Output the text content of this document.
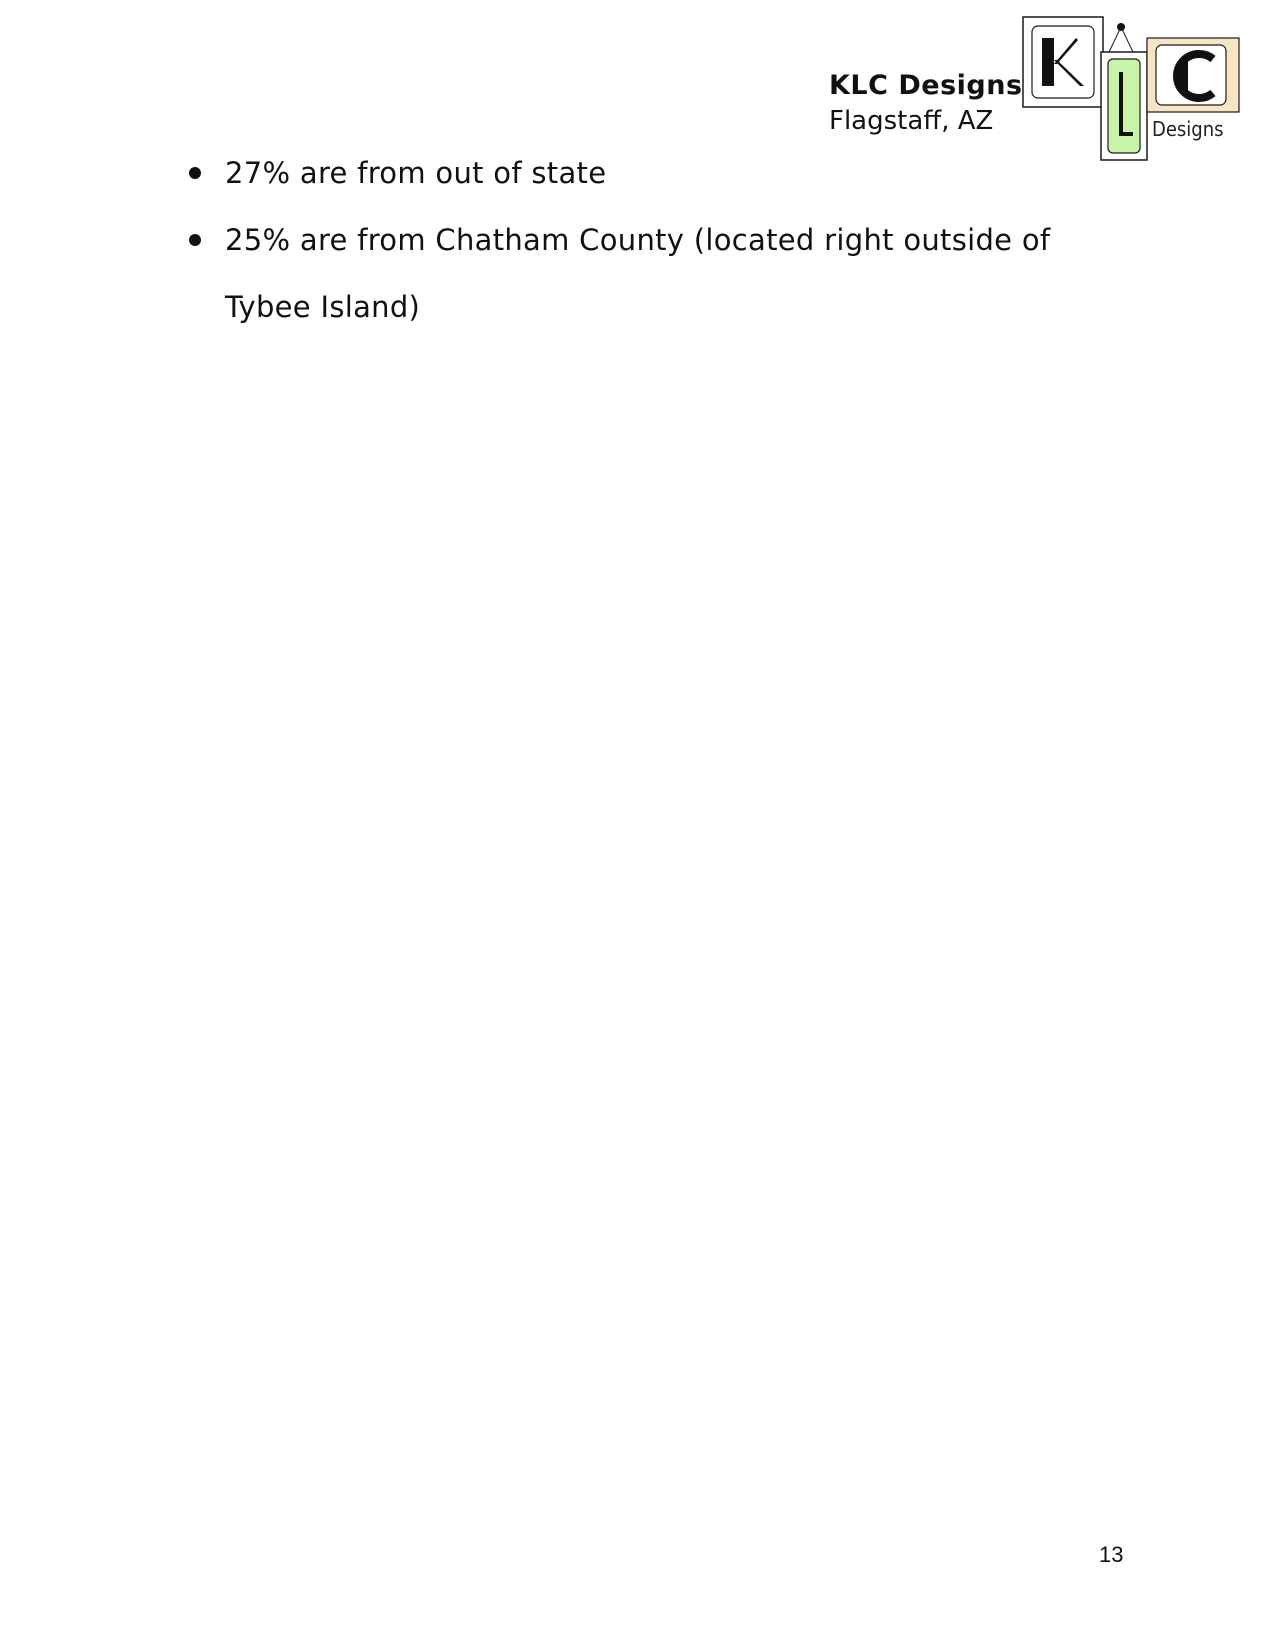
KLC Designs
Flagstaff, AZ	Designs
27% are from out of state
25% are from Chatham County (located right outside of Tybee Island)
13
